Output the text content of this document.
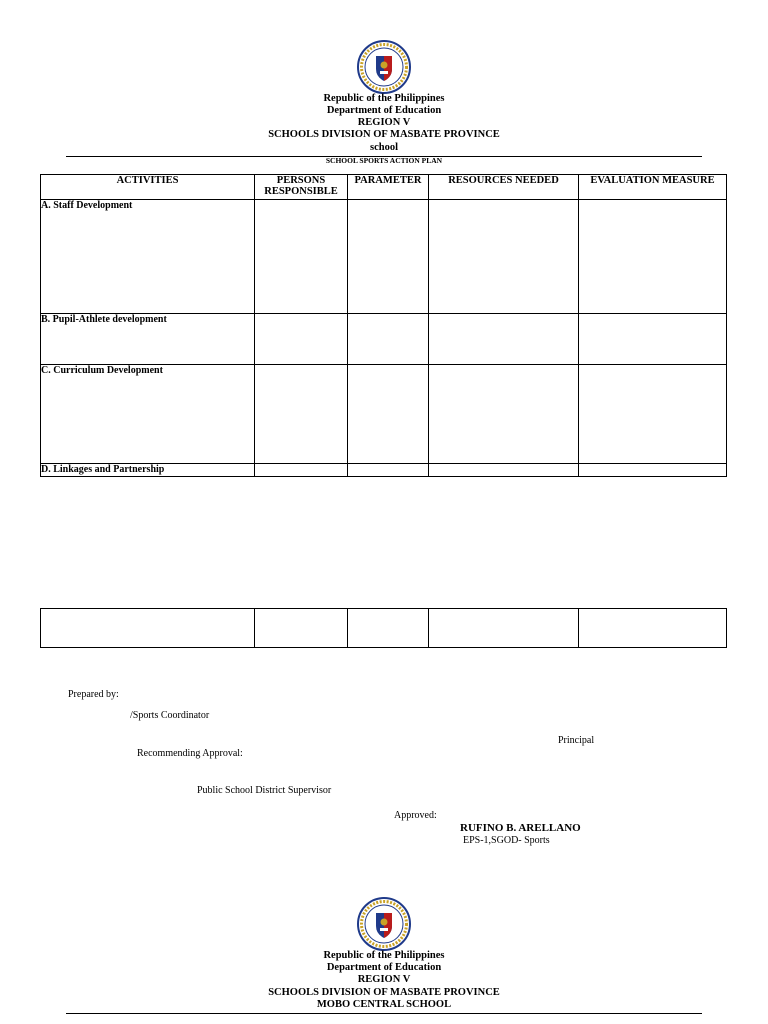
Republic of the Philippines
Department of Education
REGION V
SCHOOLS DIVISION OF MASBATE PROVINCE
school
SCHOOL SPORTS ACTION PLAN
ACTIVITIES	PERSONS RESPONSIBLE	PARAMETER	RESOURCES NEEDED	EVALUATION MEASURE
A. Staff Development				
B. Pupil-Athlete development				
C. Curriculum Development				
D. Linkages and Partnership				

Prepared by:
/Sports Coordinator
Principal
Recommending Approval:
Public School District Supervisor
Approved:
RUFINO B. ARELLANO
EPS-1,SGOD- Sports
Republic of the Philippines
Department of Education
REGION V
SCHOOLS DIVISION OF MASBATE PROVINCE
MOBO CENTRAL SCHOOL
